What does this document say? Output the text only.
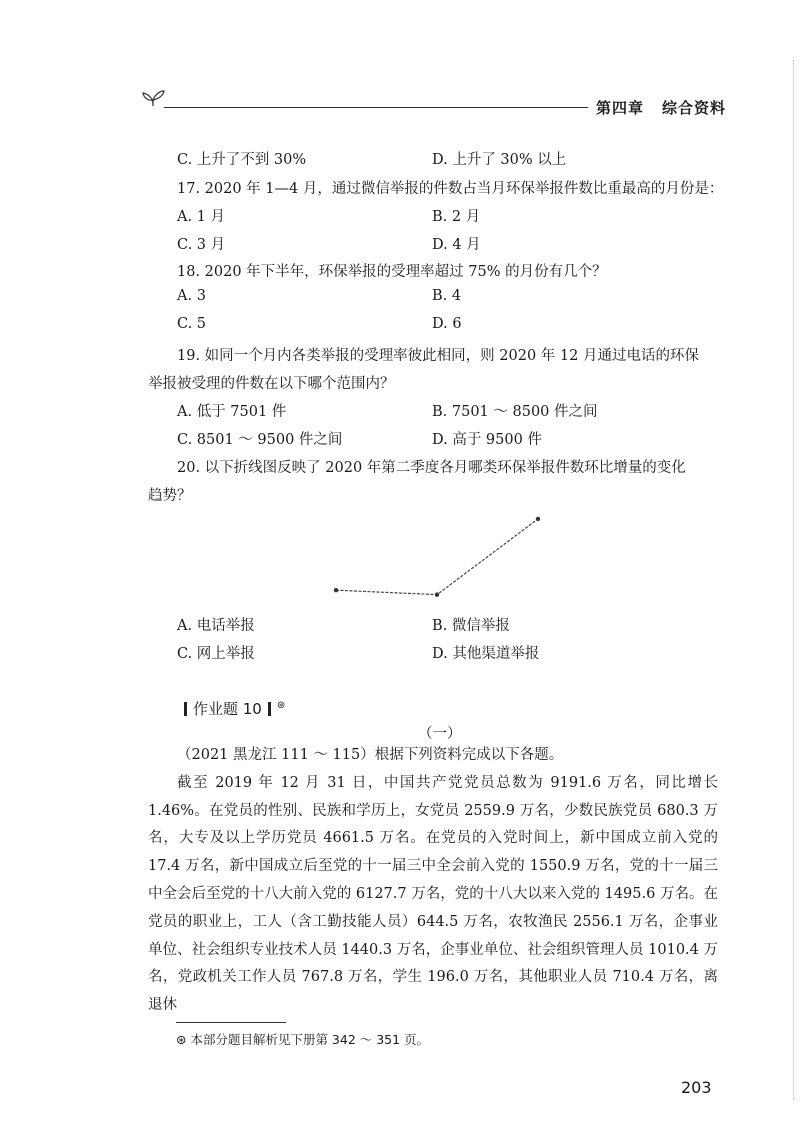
第四章 综合资料
C. 上升了不到 30%	D. 上升了 30% 以上
17. 2020 年 1—4 月，通过微信举报的件数占当月环保举报件数比重最高的月份是：
A. 1 月	B. 2 月
C. 3 月	D. 4 月
18. 2020 年下半年，环保举报的受理率超过 75% 的月份有几个？
A. 3	B. 4
C. 5	D. 6
19. 如同一个月内各类举报的受理率彼此相同，则 2020 年 12 月通过电话的环保
举报被受理的件数在以下哪个范围内？
A. 低于 7501 件	B. 7501 ～ 8500 件之间
C. 8501 ～ 9500 件之间	D. 高于 9500 件
20. 以下折线图反映了 2020 年第二季度各月哪类环保举报件数环比增量的变化
趋势？
A. 电话举报	B. 微信举报
C. 网上举报	D. 其他渠道举报
作业题 10 ⊛
（一）

（2021 黑龙江 111 ～ 115）根据下列资料完成以下各题。

截至 2019 年 12 月 31 日，中国共产党党员总数为 9191.6 万名，同比增长 1.46%。在党员的性别、民族和学历上，女党员 2559.9 万名，少数民族党员 680.3 万名，大专及以上学历党员 4661.5 万名。在党员的入党时间上，新中国成立前入党的 17.4 万名，新中国成立后至党的十一届三中全会前入党的 1550.9 万名，党的十一届三中全会后至党的十八大前入党的 6127.7 万名，党的十八大以来入党的 1495.6 万名。在党员的职业上，工人（含工勤技能人员）644.5 万名，农牧渔民 2556.1 万名，企事业单位、社会组织专业技术人员 1440.3 万名，企事业单位、社会组织管理人员 1010.4 万名，党政机关工作人员 767.8 万名，学生 196.0 万名，其他职业人员 710.4 万名，离退休

⊛ 本部分题目解析见下册第 342 ～ 351 页。
203
